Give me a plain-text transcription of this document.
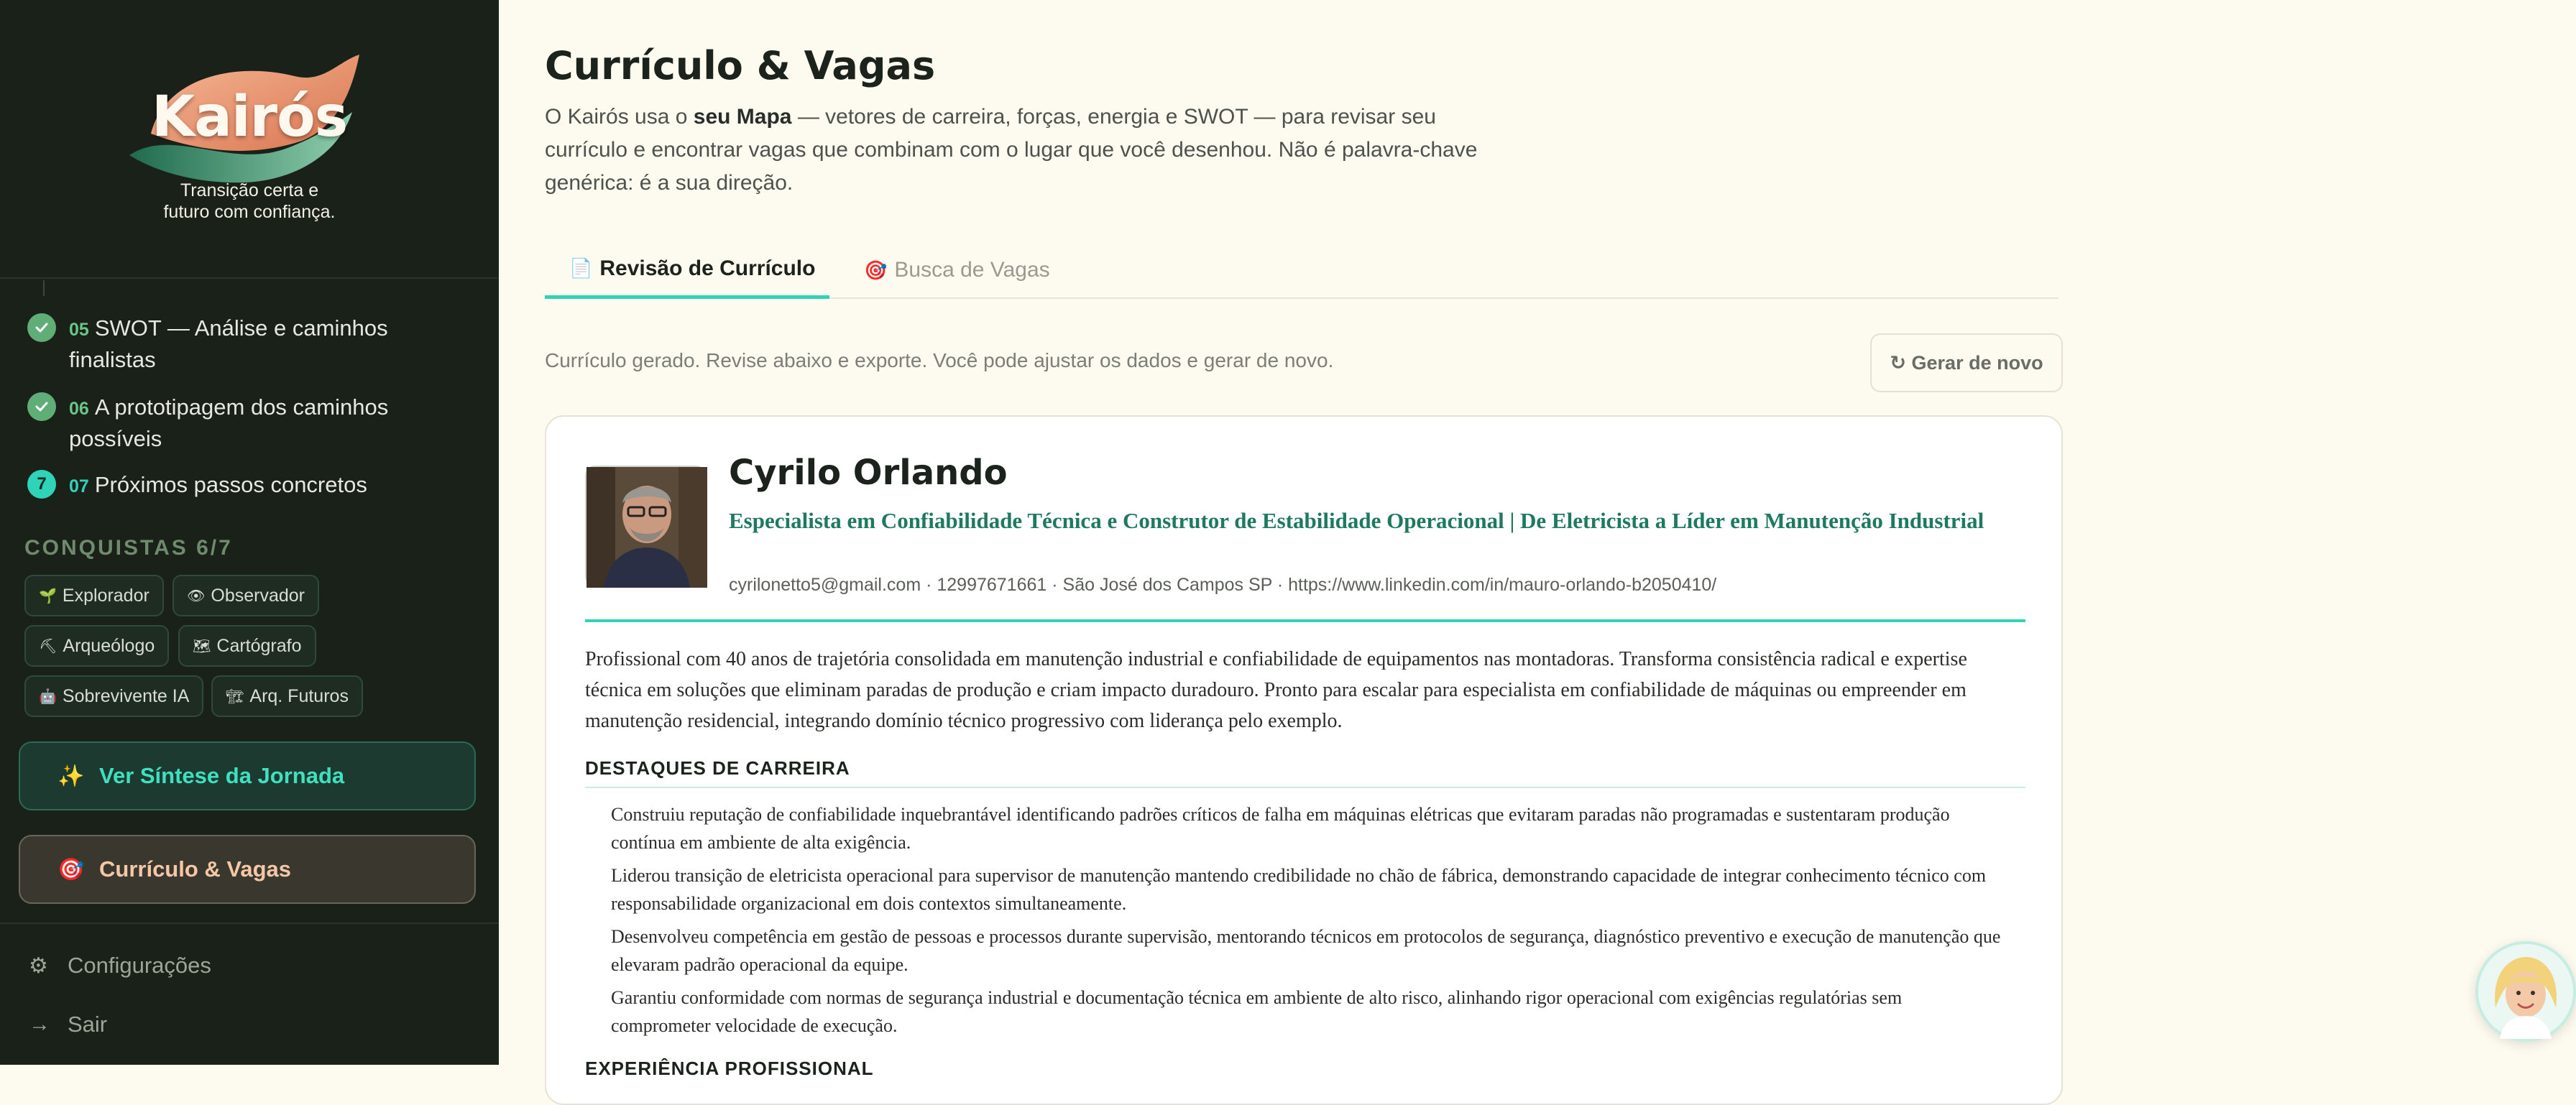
Kairós
Transição certa e
futuro com confiança.
05 SWOT — Análise e caminhos finalistas
06 A prototipagem dos caminhos possíveis
7	07 Próximos passos concretos
CONQUISTAS 6/7
🌱 Explorador	👁 Observador
⛏ Arqueólogo	🗺 Cartógrafo
🤖 Sobrevivente IA	🏗 Arq. Futuros
✨ Ver Síntese da Jornada
🎯 Currículo & Vagas
⚙ Configurações
→ Sair
Currículo & Vagas

O Kairós usa o seu Mapa — vetores de carreira, forças, energia e SWOT — para revisar seu currículo e encontrar vagas que combinam com o lugar que você desenhou. Não é palavra-chave genérica: é a sua direção.

📄 Revisão de Currículo	🎯 Busca de Vagas
Currículo gerado. Revise abaixo e exporte. Você pode ajustar os dados e gerar de novo.	↻ Gerar de novo
Cyrilo Orlando
Especialista em Confiabilidade Técnica e Construtor de Estabilidade Operacional | De Eletricista a Líder em Manutenção Industrial
cyrilonetto5@gmail.com · 12997671661 · São José dos Campos SP · https://www.linkedin.com/in/mauro-orlando-b2050410/
Profissional com 40 anos de trajetória consolidada em manutenção industrial e confiabilidade de equipamentos nas montadoras. Transforma consistência radical e expertise técnica em soluções que eliminam paradas de produção e criam impacto duradouro. Pronto para escalar para especialista em confiabilidade de máquinas ou empreender em manutenção residencial, integrando domínio técnico progressivo com liderança pelo exemplo.
DESTAQUES DE CARREIRA
Construiu reputação de confiabilidade inquebrantável identificando padrões críticos de falha em máquinas elétricas que evitaram paradas não programadas e sustentaram produção contínua em ambiente de alta exigência.
Liderou transição de eletricista operacional para supervisor de manutenção mantendo credibilidade no chão de fábrica, demonstrando capacidade de integrar conhecimento técnico com responsabilidade organizacional em dois contextos simultaneamente.
Desenvolveu competência em gestão de pessoas e processos durante supervisão, mentorando técnicos em protocolos de segurança, diagnóstico preventivo e execução de manutenção que elevaram padrão operacional da equipe.
Garantiu conformidade com normas de segurança industrial e documentação técnica em ambiente de alto risco, alinhando rigor operacional com exigências regulatórias sem comprometer velocidade de execução.
EXPERIÊNCIA PROFISSIONAL
